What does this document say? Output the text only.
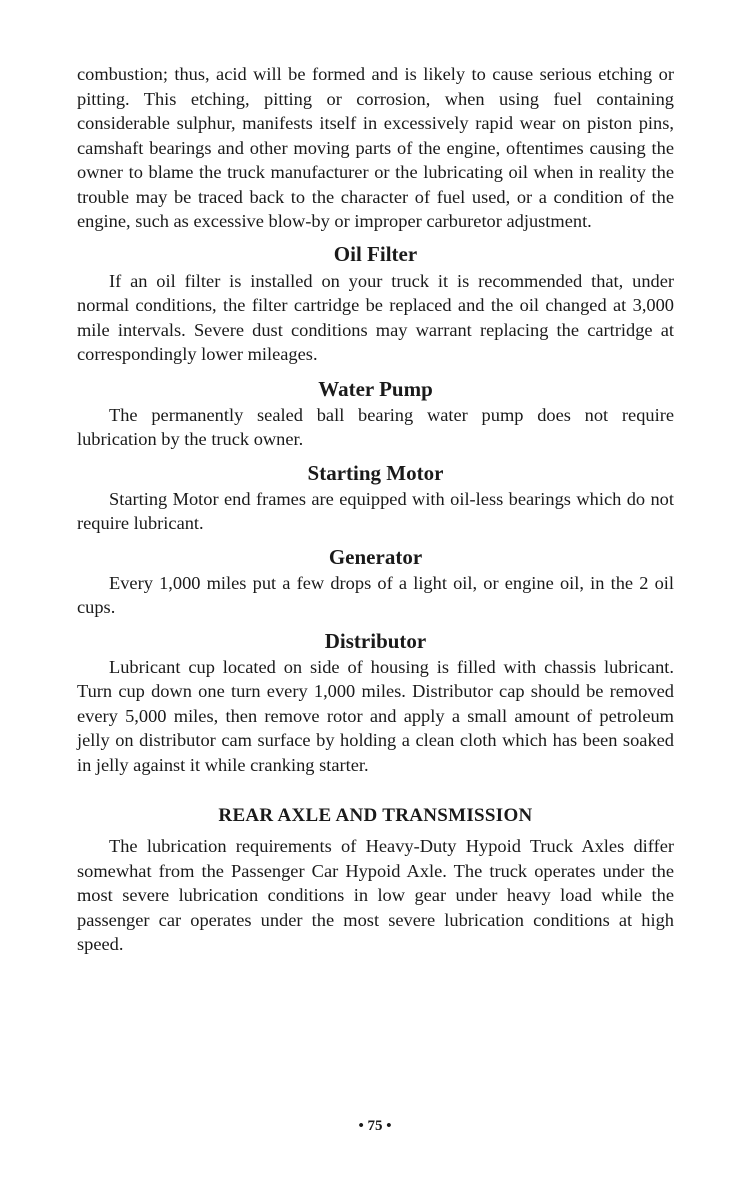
combustion; thus, acid will be formed and is likely to cause serious etching or pitting. This etching, pitting or corrosion, when using fuel containing considerable sulphur, manifests itself in excessively rapid wear on piston pins, camshaft bearings and other moving parts of the engine, oftentimes causing the owner to blame the truck manufacturer or the lubricating oil when in reality the trouble may be traced back to the character of fuel used, or a condition of the engine, such as excessive blow-by or improper carburetor adjustment.

Oil Filter

If an oil filter is installed on your truck it is recommended that, under normal conditions, the filter cartridge be replaced and the oil changed at 3,000 mile intervals. Severe dust conditions may warrant replacing the cartridge at correspondingly lower mileages.

Water Pump

The permanently sealed ball bearing water pump does not require lubrication by the truck owner.

Starting Motor

Starting Motor end frames are equipped with oil-less bearings which do not require lubricant.

Generator

Every 1,000 miles put a few drops of a light oil, or engine oil, in the 2 oil cups.

Distributor

Lubricant cup located on side of housing is filled with chassis lubricant. Turn cup down one turn every 1,000 miles. Distributor cap should be removed every 5,000 miles, then remove rotor and apply a small amount of petroleum jelly on distributor cam surface by holding a clean cloth which has been soaked in jelly against it while cranking starter.

REAR AXLE AND TRANSMISSION

The lubrication requirements of Heavy-Duty Hypoid Truck Axles differ somewhat from the Passenger Car Hypoid Axle. The truck operates under the most severe lubrication conditions in low gear under heavy load while the passenger car operates under the most severe lubrication conditions at high speed.

• 75 •
